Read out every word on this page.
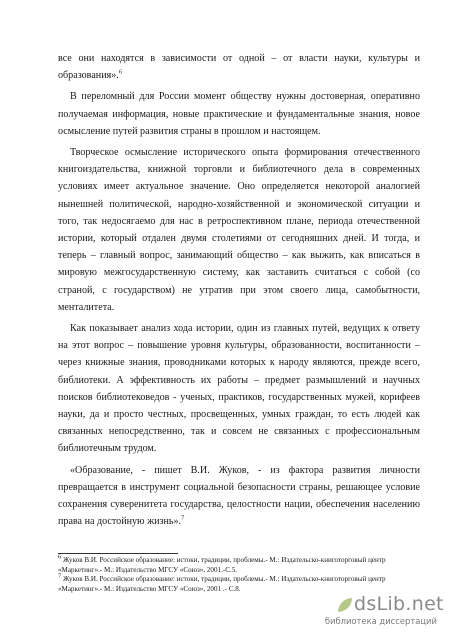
все они находятся в зависимости от одной – от власти науки, культуры и образования».$^6$

В переломный для России момент обществу нужны достоверная, оперативно получаемая информация, новые практические и фундаментальные знания, новое осмысление путей развития страны в прошлом и настоящем.

Творческое осмысление исторического опыта формирования отечественного книгоиздательства, книжной торговли и библиотечного дела в современных условиях имеет актуальное значение. Оно определяется некоторой аналогией нынешней политической, народно-хозяйственной и экономической ситуации и того, так недосягаемо для нас в ретроспективном плане, периода отечественной истории, который отдален двумя столетиями от сегодняшних дней. И тогда, и теперь – главный вопрос, занимающий общество – как выжить, как вписаться в мировую межгосударственную систему, как заставить считаться с собой (со страной, с государством) не утратив при этом своего лица, самобытности, менталитета.

Как показывает анализ хода истории, один из главных путей, ведущих к ответу на этот вопрос – повышение уровня культуры, образованности, воспитанности – через книжные знания, проводниками которых к народу являются, прежде всего, библиотеки. А эффективность их работы – предмет размышлений и научных поисков библиотековедов - ученых, практиков, государственных мужей, корифеев науки, да и просто честных, просвещенных, умных граждан, то есть людей как связанных непосредственно, так и совсем не связанных с профессиональным библиотечным трудом.

«Образование, - пишет В.И. Жуков, - из фактора развития личности превращается в инструмент социальной безопасности страны, решающее условие сохранения суверенитета государства, целостности нации, обеспечения населению права на достойную жизнь».$^7$

$^6$ Жуков В.И. Российское образование: истоки, традиции, проблемы.- М.: Издательско-книготорговый центр

«Маркетинг».- М.: Издательство МГСУ «Союз», 2001.-С.5.

$^7$ Жуков В.И. Российское образование: истоки, традиции, проблемы.- М.: Издательско-книготорговый центр

«Маркетинг».- М.: Издательство МГСУ «Союз», 2001 .- С.8.

dsLib.net
библиотека диссертаций
